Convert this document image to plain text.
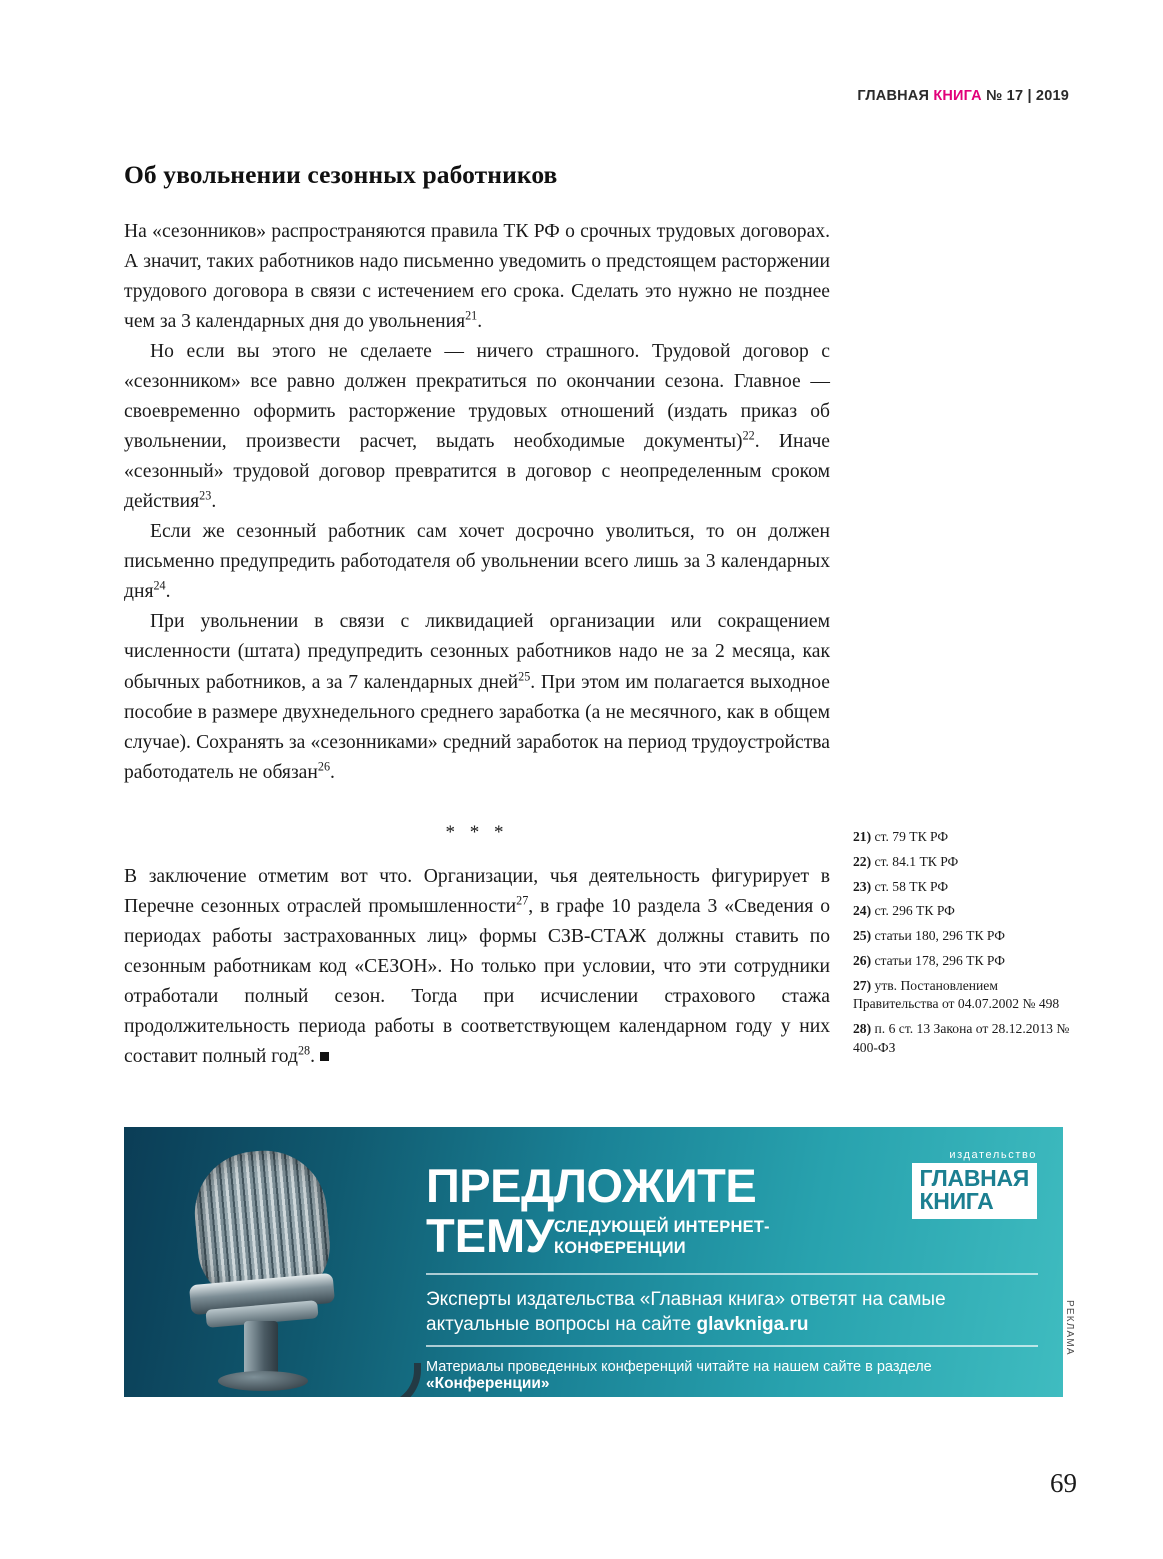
ГЛАВНАЯ КНИГА № 17 | 2019
Об увольнении сезонных работников

На «сезонников» распространяются правила ТК РФ о срочных трудовых договорах. А значит, таких работников надо письменно уведомить о предстоящем расторжении трудового договора в связи с истечением его срока. Сделать это нужно не позднее чем за 3 календарных дня до увольнения$^{21}$.

Но если вы этого не сделаете — ничего страшного. Трудовой договор с «сезонником» все равно должен прекратиться по окончании сезона. Главное — своевременно оформить расторжение трудовых отношений (издать приказ об увольнении, произвести расчет, выдать необходимые документы)$^{22}$. Иначе «сезонный» трудовой договор превратится в договор с неопределенным сроком действия$^{23}$.

Если же сезонный работник сам хочет досрочно уволиться, то он должен письменно предупредить работодателя об увольнении всего лишь за 3 календарных дня$^{24}$.

При увольнении в связи с ликвидацией организации или сокращением численности (штата) предупредить сезонных работников надо не за 2 месяца, как обычных работников, а за 7 календарных дней$^{25}$. При этом им полагается выходное пособие в размере двухнедельного среднего заработка (а не месячного, как в общем случае). Сохранять за «сезонниками» средний заработок на период трудоустройства работодатель не обязан$^{26}$.

* * *

В заключение отметим вот что. Организации, чья деятельность фигурирует в Перечне сезонных отраслей промышленности$^{27}$, в графе 10 раздела 3 «Сведения о периодах работы застрахованных лиц» формы СЗВ-СТАЖ должны ставить по сезонным работникам код «СЕЗОН». Но только при условии, что эти сотрудники отработали полный сезон. Тогда при исчислении страхового стажа продолжительность периода работы в соответствующем календарном году у них составит полный год$^{28}$.

21) ст. 79 ТК РФ
22) ст. 84.1 ТК РФ
23) ст. 58 ТК РФ
24) ст. 296 ТК РФ
25) статьи 180, 296 ТК РФ
26) статьи 178, 296 ТК РФ
27) утв. Постановлением Правительства от 04.07.2002 № 498
28) п. 6 ст. 13 Закона от 28.12.2013 № 400-ФЗ
издательство
ГЛАВНАЯ
КНИГА
ПРЕДЛОЖИТЕ
ТЕМУ СЛЕДУЮЩЕЙ ИНТЕРНЕТ-
КОНФЕРЕНЦИИ
Эксперты издательства «Главная книга» ответят на самые
актуальные вопросы на сайте glavkniga.ru
Материалы проведенных конференций читайте на нашем сайте в разделе «Конференции»
РЕКЛАМА
69
